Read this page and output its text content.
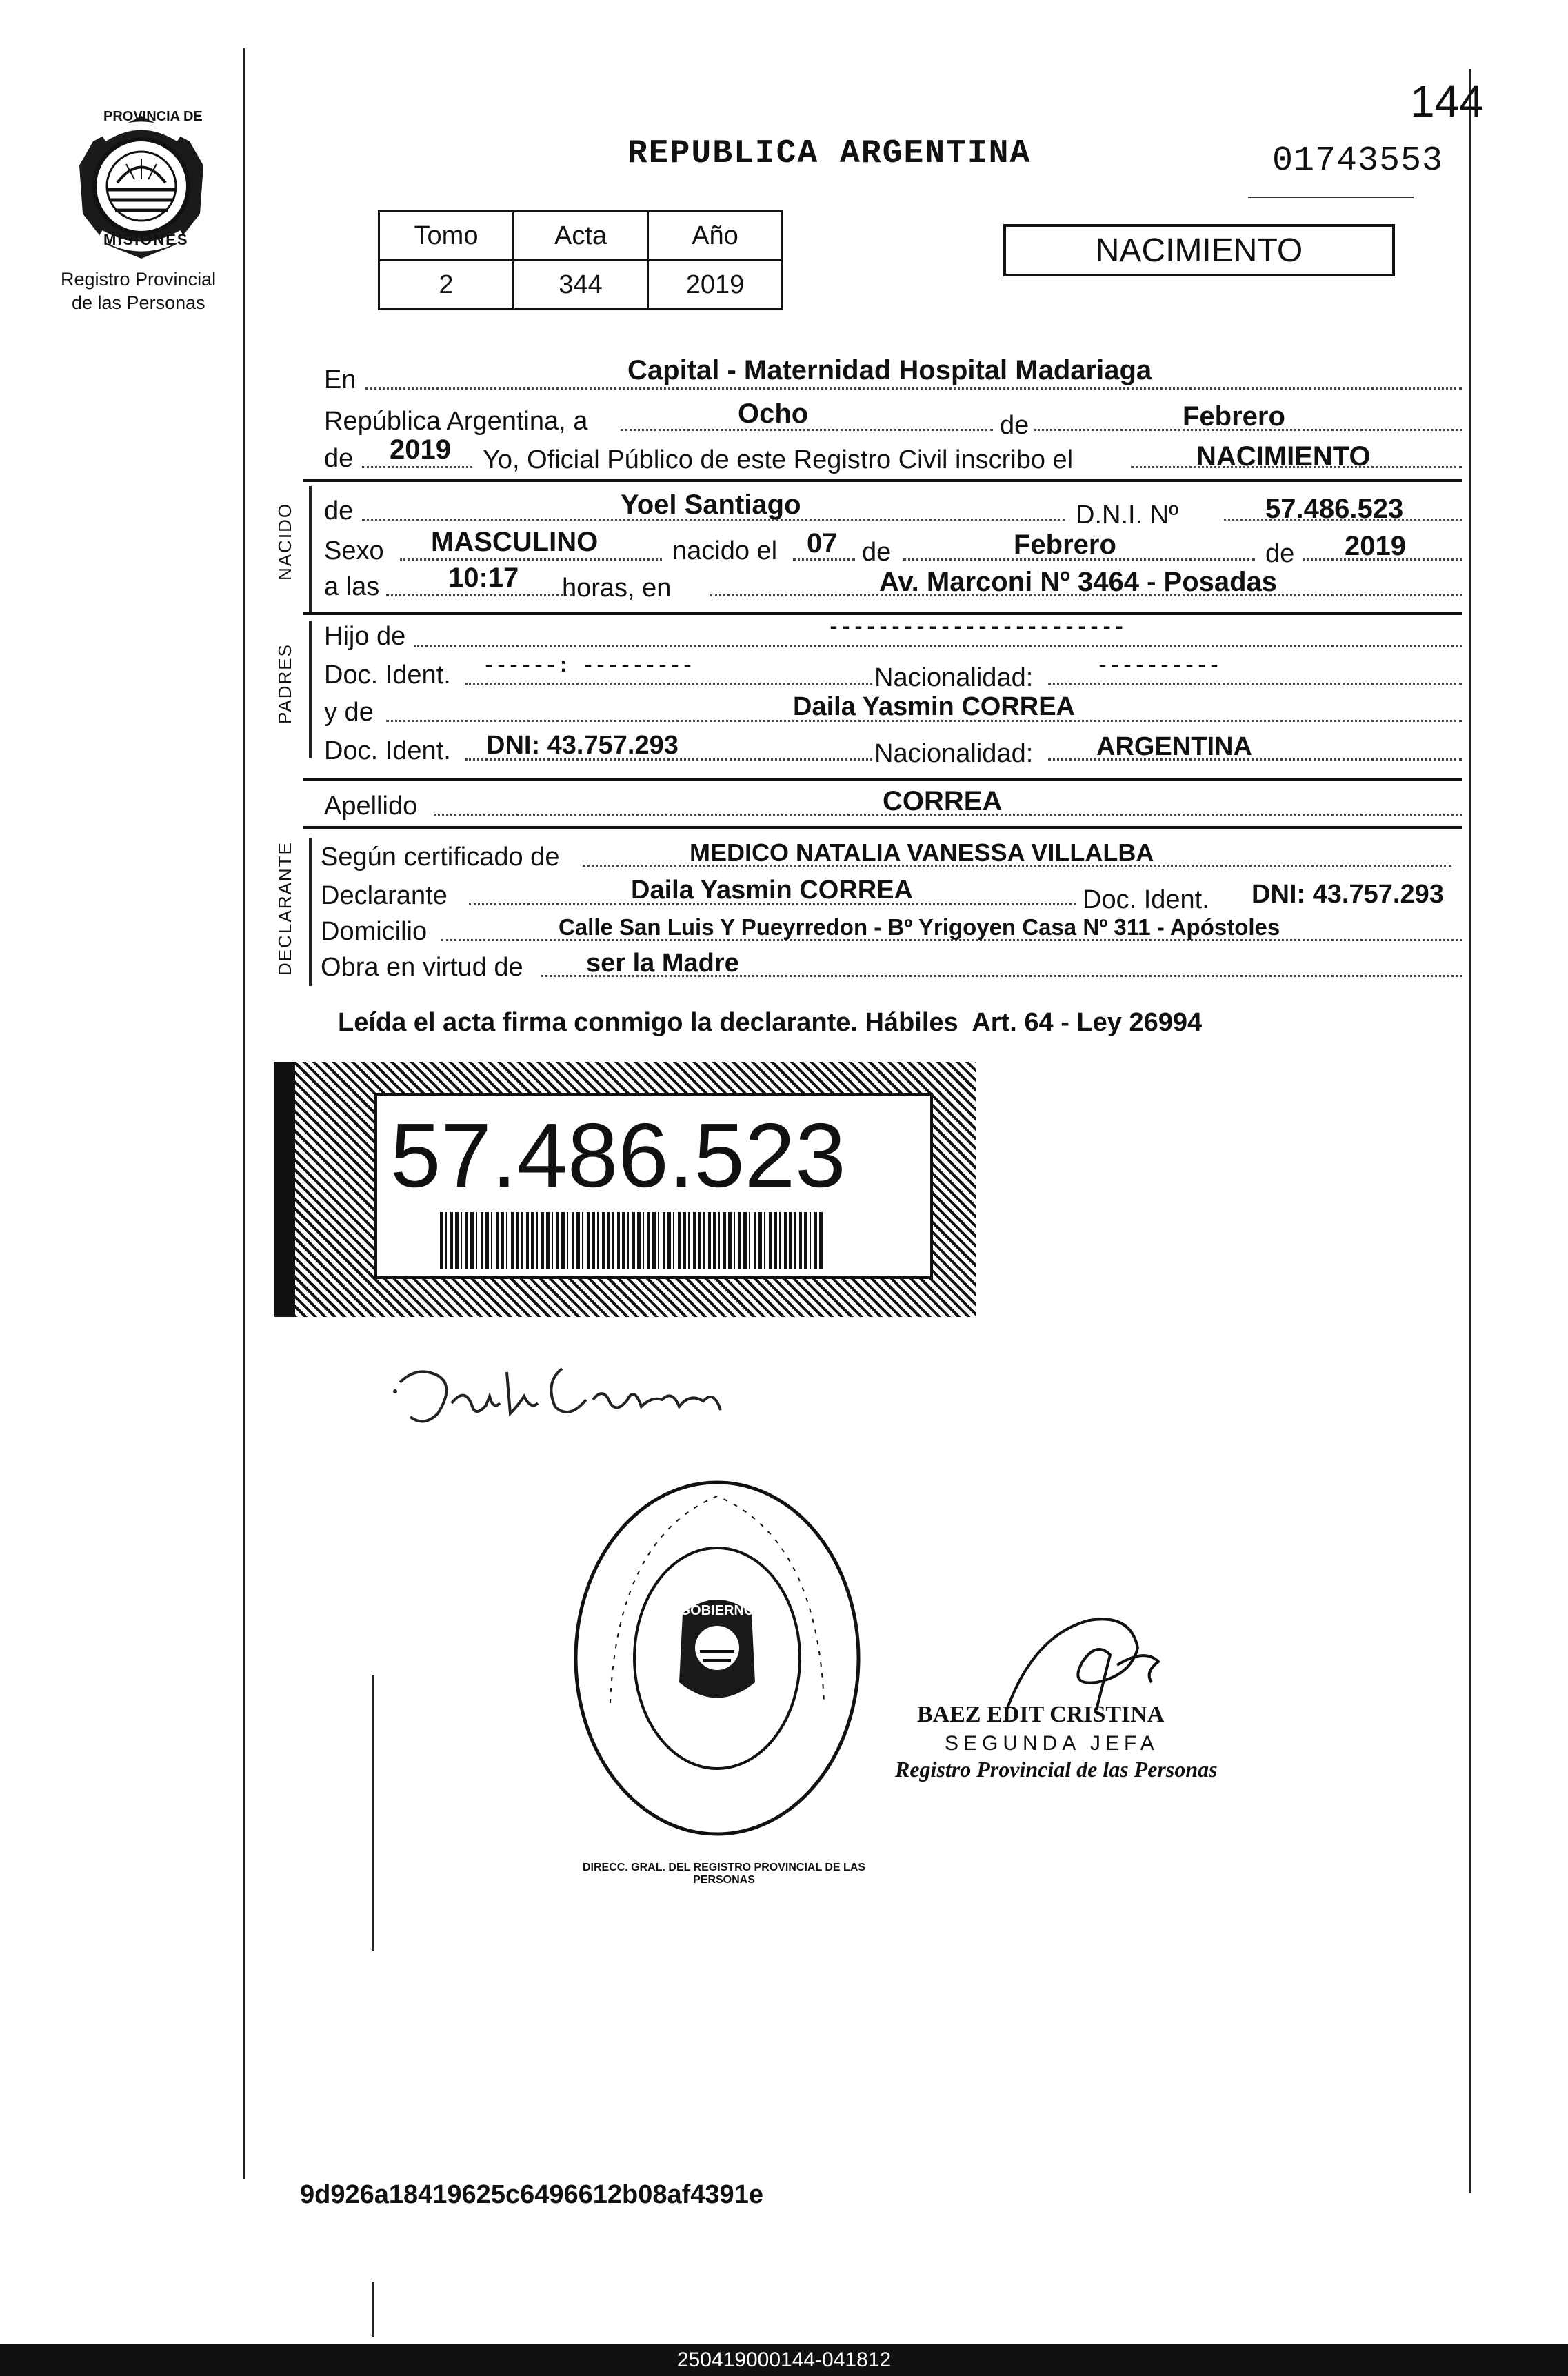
144
01743553
PROVINCIA DE
MISIONES
Registro Provincial
de las Personas
REPUBLICA ARGENTINA
Tomo	Acta	Año
2	344	2019
NACIMIENTO
En	Capital - Maternidad Hospital Madariaga
República Argentina, a	Ocho	de	Febrero
de 2019 Yo, Oficial Público de este Registro Civil inscribo el	NACIMIENTO
NACIDO de	Yoel Santiago	D.N.I. Nº	57.486.523
Sexo MASCULINO	nacido el 07 de	Febrero	de 2019
a las 10:17 horas, en	Av. Marconi Nº 3464 - Posadas
PADRES
Hijo de	------------------------
Doc. Ident. ------: ---------	Nacionalidad:	----------
y de	Daila Yasmin CORREA
Doc. Ident. DNI: 43.757.293	Nacionalidad: ARGENTINA
Apellido	CORREA
DECLARANTE Según certificado de	MEDICO NATALIA VANESSA VILLALBA
Declarante	Daila Yasmin CORREA	Doc. Ident. DNI: 43.757.293
Domicilio	Calle San Luis Y Pueyrredon - Bº Yrigoyen Casa Nº 311 - Apóstoles
Obra en virtud de ser la Madre
Leída el acta firma conmigo la declarante. Hábiles  Art. 64 - Ley 26994
57.486.523
DIRECC. GRAL. DEL REGISTRO PROVINCIAL DE LAS PERSONAS
MINISTERIO DE GOBIERNO
BAEZ EDIT CRISTINA
SEGUNDA JEFA
Registro Provincial de las Personas
9d926a18419625c6496612b08af4391e
250419000144-041812
